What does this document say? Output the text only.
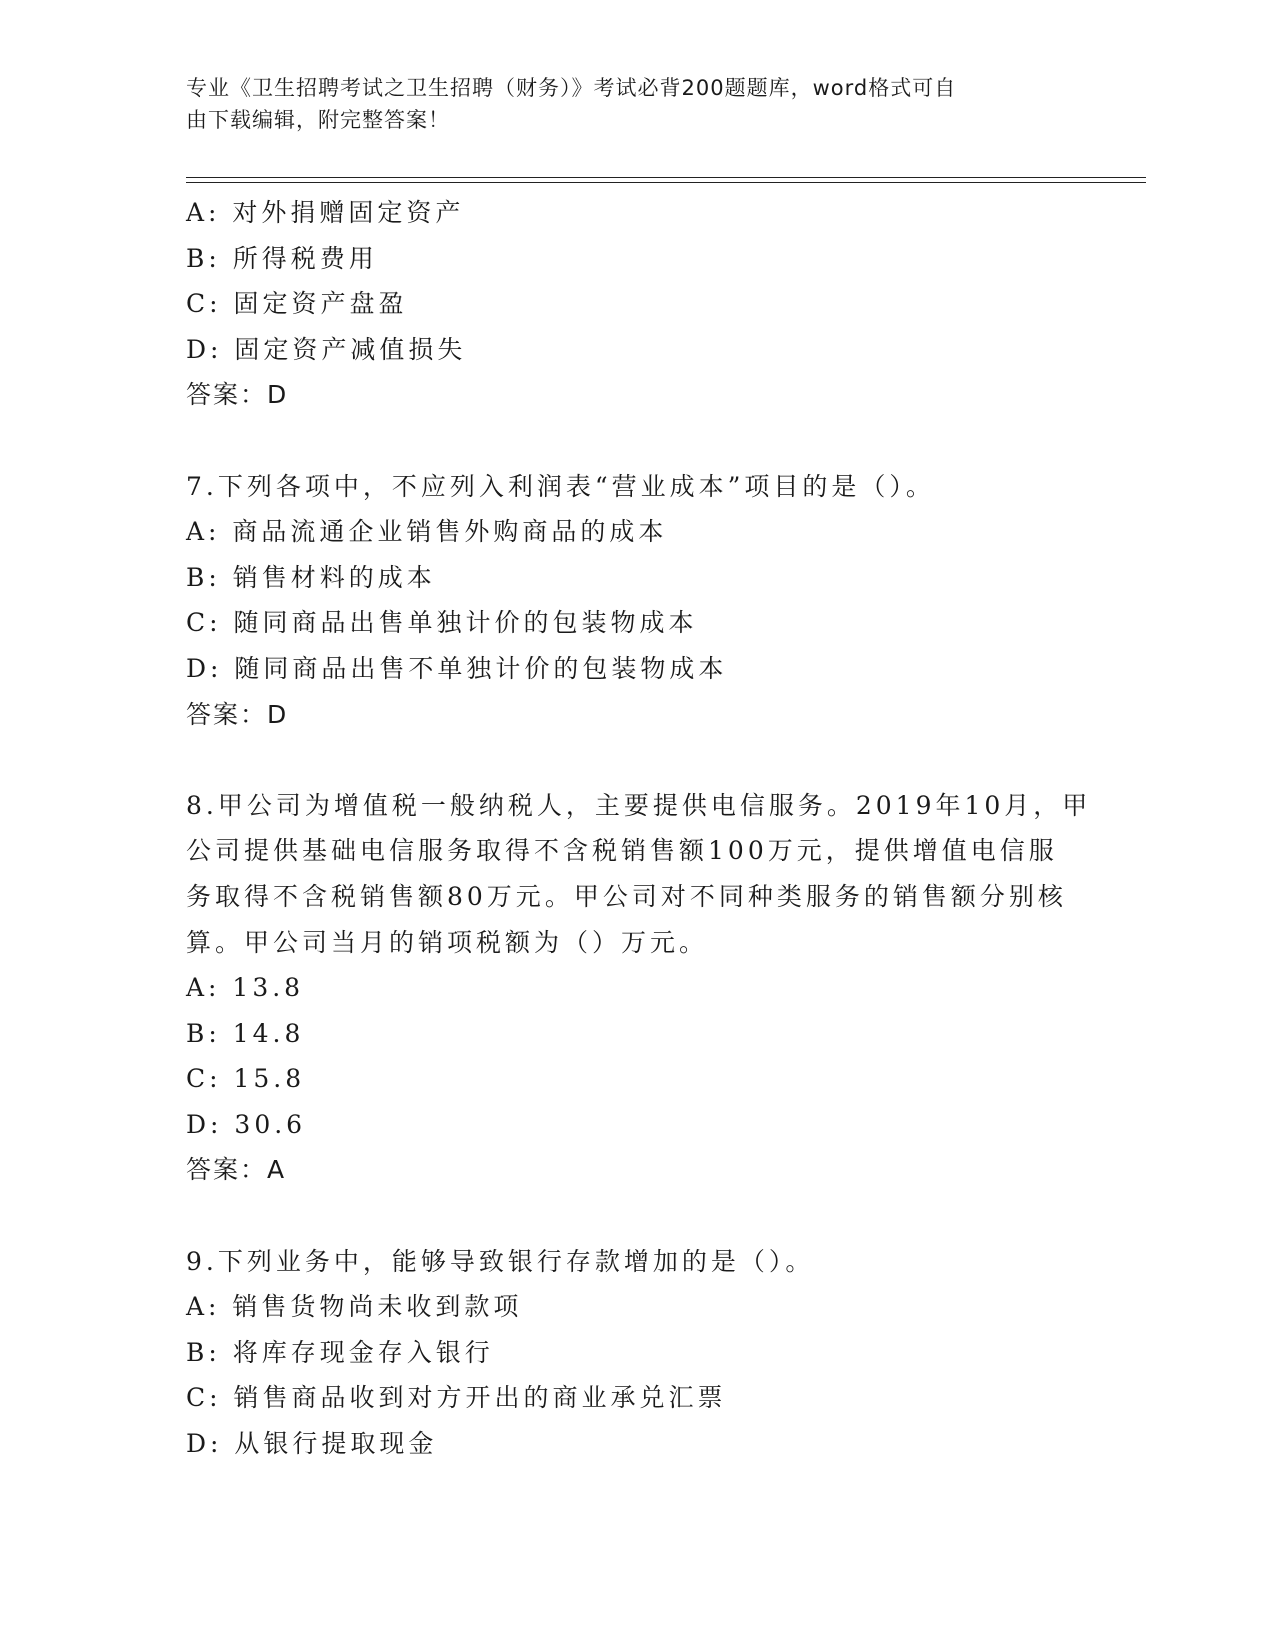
专业《卫生招聘考试之卫生招聘（财务）》考试必背200题题库，word格式可自
由下载编辑，附完整答案！
A: 对外捐赠固定资产
B: 所得税费用
C: 固定资产盘盈
D: 固定资产减值损失
答案：D
7.下列各项中，不应列入利润表“营业成本”项目的是（）。
A: 商品流通企业销售外购商品的成本
B: 销售材料的成本
C: 随同商品出售单独计价的包装物成本
D: 随同商品出售不单独计价的包装物成本
答案：D
8.甲公司为增值税一般纳税人，主要提供电信服务。2019年10月，甲
公司提供基础电信服务取得不含税销售额100万元，提供增值电信服
务取得不含税销售额80万元。甲公司对不同种类服务的销售额分别核
算。甲公司当月的销项税额为（）万元。
A: 13.8
B: 14.8
C: 15.8
D: 30.6
答案：A
9.下列业务中，能够导致银行存款增加的是（）。
A: 销售货物尚未收到款项
B: 将库存现金存入银行
C: 销售商品收到对方开出的商业承兑汇票
D: 从银行提取现金
